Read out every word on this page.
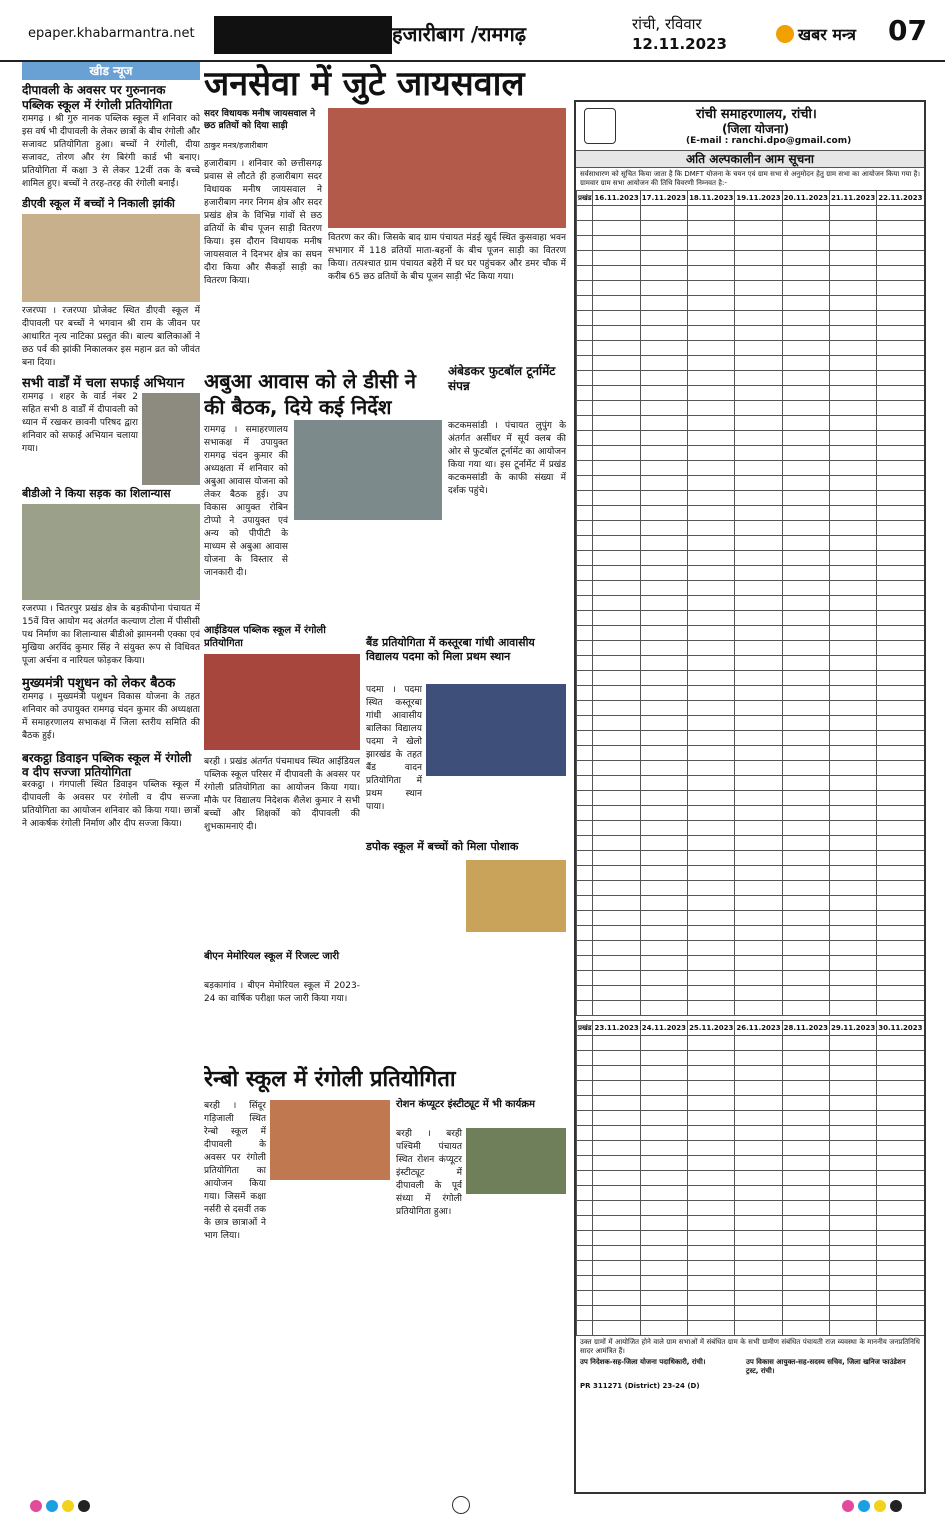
epaper.khabarmantra.net	हजारीबाग /रामगढ़	रांची, रविवार
12.11.2023	खबर मन्त्र 07
खीड न्यूज

दीपावली के अवसर पर गुरुनानक पब्लिक स्कूल में रंगोली प्रतियोगिता

रामगढ़ । श्री गुरु नानक पब्लिक स्कूल में शनिवार को इस वर्ष भी दीपावली के लेकर छात्रों के बीच रंगोली और सजावट प्रतियोगिता हुआ। बच्चों ने रंगोली, दीया सजावट, तोरण और रंग बिरंगी कार्ड भी बनाए। प्रतियोगिता में कक्षा 3 से लेकर 12वीं तक के बच्चे शामिल हुए। बच्चों ने तरह-तरह की रंगोली बनाईं।

डीएवी स्कूल में बच्चों ने निकाली झांकी

रजरप्पा । रजरप्पा प्रोजेक्ट स्थित डीएवी स्कूल में दीपावली पर बच्चों ने भगवान श्री राम के जीवन पर आधारित नृत्य नाटिका प्रस्तुत की। बाल्य बालिकाओं ने छठ पर्व की झांकी निकालकर इस महान व्रत को जीवंत बना दिया।

सभी वार्डों में चला सफाई अभियान

रामगढ़ । शहर के वार्ड नंबर 2 सहित सभी 8 वार्डों में दीपावली को ध्यान में रखकर छावनी परिषद द्वारा शनिवार को सफाई अभियान चलाया गया।

बीडीओ ने किया सड़क का शिलान्यास

रजरप्पा । चितरपुर प्रखंड क्षेत्र के बड़कीपोना पंचायत में 15वें वित्त आयोग मद अंतर्गत कल्याण टोला में पीसीसी पथ निर्माण का शिलान्यास बीडीओ झामनमी एक्का एवं मुखिया अरविंद कुमार सिंह ने संयुक्त रूप से विधिवत पूजा अर्चना व नारियल फोड़कर किया।

मुख्यमंत्री पशुधन को लेकर बैठक

रामगढ़ । मुख्यमंत्री पशुधन विकास योजना के तहत शनिवार को उपायुक्त रामगढ़ चंदन कुमार की अध्यक्षता में समाहरणालय सभाकक्ष में जिला स्तरीय समिति की बैठक हुई।

बरकट्ठा डिवाइन पब्लिक स्कूल में रंगोली व दीप सज्जा प्रतियोगिता

बरकट्ठा । गंगपाली स्थित डिवाइन पब्लिक स्कूल में दीपावली के अवसर पर रंगोली व दीप सज्जा प्रतियोगिता का आयोजन शनिवार को किया गया। छात्रों ने आकर्षक रंगोली निर्माण और दीप सज्जा किया।

जनसेवा में जुटे जायसवाल

सदर विधायक मनीष जायसवाल ने छठ व्रतियों को दिया साड़ी

ठाकुर मनत्र/हजारीबाग

हजारीबाग । शनिवार को छत्तीसगढ़ प्रवास से लौटते ही हजारीबाग सदर विधायक मनीष जायसवाल ने हजारीबाग नगर निगम क्षेत्र और सदर प्रखंड क्षेत्र के विभिन्न गांवों से छठ व्रतियों के बीच पूजन साड़ी वितरण किया। इस दौरान विधायक मनीष जायसवाल ने दिनभर क्षेत्र का सघन दौरा किया और सैकड़ों साड़ी का वितरण किया।

वितरण कर की। जिसके बाद ग्राम पंचायत मंडई खुर्द स्थित कुसवाहा भवन सभागार में 118 व्रतियों माता-बहनों के बीच पूजन साड़ी का वितरण किया। तत्पश्चात ग्राम पंचायत बहेरी में घर घर पहुंचकर और डमर चौक में करीब 65 छठ व्रतियों के बीच पूजन साड़ी भेंट किया गया।

अबुआ आवास को ले डीसी ने की बैठक, दिये कई निर्देश

रामगढ़ । समाहरणालय सभाकक्ष में उपायुक्त रामगढ़ चंदन कुमार की अध्यक्षता में शनिवार को अबुआ आवास योजना को लेकर बैठक हुई। उप विकास आयुक्त रोबिन टोप्पो ने उपायुक्त एवं अन्य को पीपीटी के माध्यम से अबुआ आवास योजना के विस्तार से जानकारी दी।

अंबेडकर फुटबॉल टूर्नामेंट संपन्न

कटकमसांडी । पंचायत लुपुंग के अंतर्गत अर्सीधर में सूर्य क्लब की ओर से फुटबॉल टूर्नामेंट का आयोजन किया गया था। इस टूर्नामेंट में प्रखंड कटकमसांडी के काफी संख्या में दर्शक पहुंचे।

आईडियल पब्लिक स्कूल में रंगोली प्रतियोगिता	बैंड प्रतियोगिता में कस्तूरबा गांधी आवासीय विद्यालय पदमा को मिला प्रथम स्थान

पदमा । पदमा स्थित कस्तूरबा गांधी आवासीय बालिका विद्यालय पदमा ने खेलो झारखंड के तहत बैंड वादन प्रतियोगिता में प्रथम स्थान पाया।

बरही । प्रखंड अंतर्गत पंचमाधव स्थित आईडियल पब्लिक स्कूल परिसर में दीपावली के अवसर पर रंगोली प्रतियोगिता का आयोजन किया गया। मौके पर विद्यालय निदेशक शैलेश कुमार ने सभी बच्चों और शिक्षकों को दीपावली की शुभकामनाएं दी।

डपोक स्कूल में बच्चों को मिला पोशाक

बीएन मेमोरियल स्कूल में रिजल्ट जारी

बड़कागांव । बीएन मेमोरियल स्कूल में 2023-24 का वार्षिक परीक्षा फल जारी किया गया।

रेन्बो स्कूल में रंगोली प्रतियोगिता

बरही । सिंदूर गड़िजाली स्थित रेन्बो स्कूल में दीपावली के अवसर पर रंगोली प्रतियोगिता का आयोजन किया गया। जिसमें कक्षा नर्सरी से दसवीं तक के छात्र छात्राओं ने भाग लिया।

रोशन कंप्यूटर इंस्टीट्यूट में भी कार्यक्रम

बरही । बरही पश्चिमी पंचायत स्थित रोशन कंप्यूटर इंस्टीट्यूट में दीपावली के पूर्व संध्या में रंगोली प्रतियोगिता हुआ।

रांची समाहरणालय, रांची।
(जिला योजना)
(E-mail : ranchi.dpo@gmail.com)
अति अल्पकालीन आम सूचना

सर्वसाधारण को सूचित किया जाता है कि DMFT योजना के चयन एवं ग्राम सभा से अनुमोदन हेतु ग्राम सभा का आयोजन किया गया है। ग्रामवार ग्राम सभा आयोजन की तिथि विवरणी निम्नवत है:-

प्रखंड	16.11.2023	17.11.2023	18.11.2023	19.11.2023	20.11.2023	21.11.2023	22.11.2023

प्रखंड	23.11.2023	24.11.2023	25.11.2023	26.11.2023	28.11.2023	29.11.2023	30.11.2023

उक्त ग्रामों में आयोजित होने वाले ग्राम सभाओं में संबंधित ग्राम के सभी ग्रामीण संबंधित पंचायती राज व्यवस्था के माननीय जनप्रतिनिधि सादर आमंत्रित हैं।

उप निदेशक-सह-जिला योजना पदाधिकारी, रांची।	उप विकास आयुक्त-सह-सदस्य सचिव, जिला खनिज फाउंडेशन ट्रस्ट, रांची।
PR 311271 (District) 23-24 (D)
